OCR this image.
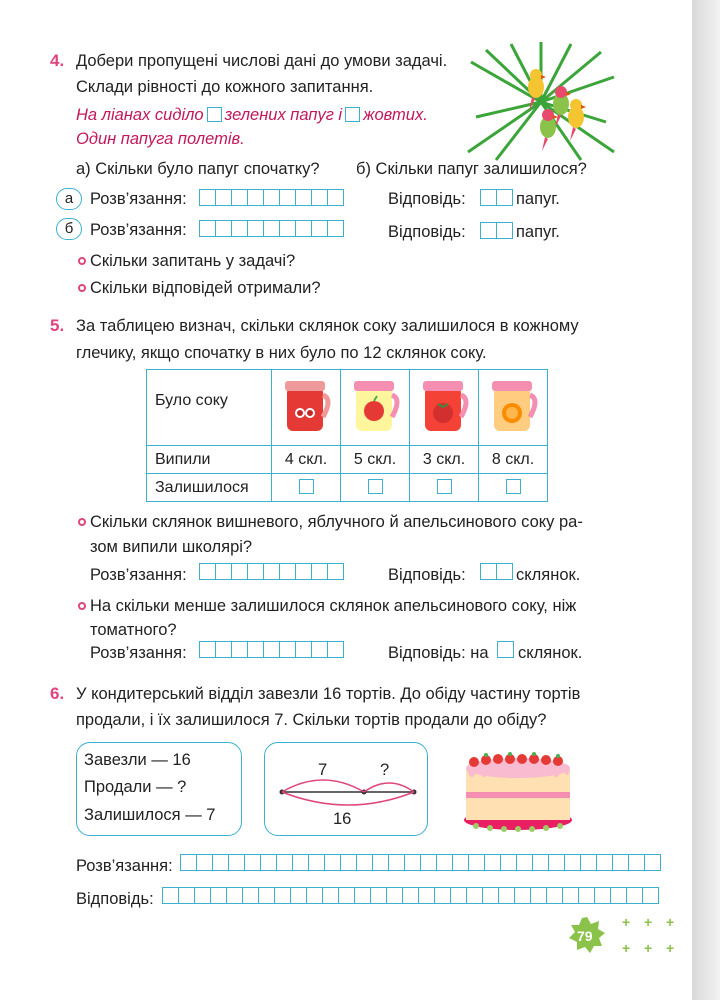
4. Добери пропущені числові дані до умови задачі.
Склади рівності до кожного запитання.
На ліанах сиділо зелених папуг і жовтих.
Один папуга полетів.
а) Скільки було папуг спочатку? б) Скільки папуг залишилося?
а	Розв’язання:	Відповідь:	папуг.
б	Розв’язання:	Відповідь:	папуг.
Скільки запитань у задачі?
Скільки відповідей отримали?
5. За таблицею визнач, скільки склянок соку залишилося в кожному
глечику, якщо спочатку в них було по 12 склянок соку.
Було соку				
Випили	4 скл.	5 скл.	3 скл.	8 скл.
Залишилося				
Скільки склянок вишневого, яблучного й апельсинового соку ра-
зом випили школярі?
Розв’язання:	Відповідь:	склянок.
На скільки менше залишилося склянок апельсинового соку, ніж
томатного?
Розв’язання:	Відповідь: на склянок.
6. У кондитерський відділ завезли 16 тортів. До обіду частину тортів
продали, і їх залишилося 7. Скільки тортів продали до обіду?
Завезли — 16
Продали — ?
Залишилося — 7
7	?
16
Розв’язання:
Відповідь:
79
+ + +
+ + +
